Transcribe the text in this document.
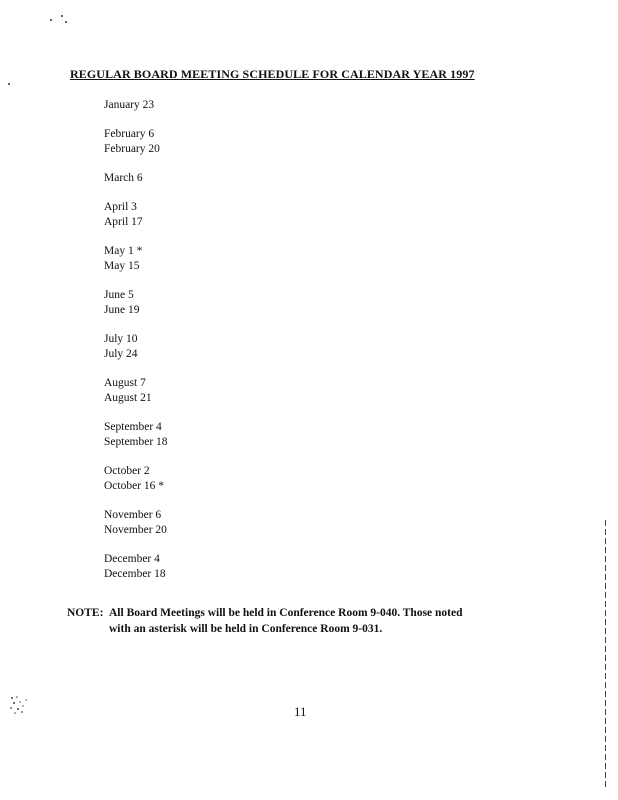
REGULAR BOARD MEETING SCHEDULE FOR CALENDAR YEAR 1997
January 23
February 6
February 20
March 6
April 3
April 17
May 1 *
May 15
June 5
June 19
July 10
July 24
August 7
August 21
September 4
September 18
October 2
October 16 *
November 6
November 20
December 4
December 18
NOTE: All Board Meetings will be held in Conference Room 9-040. Those noted
with an asterisk will be held in Conference Room 9-031.
11
